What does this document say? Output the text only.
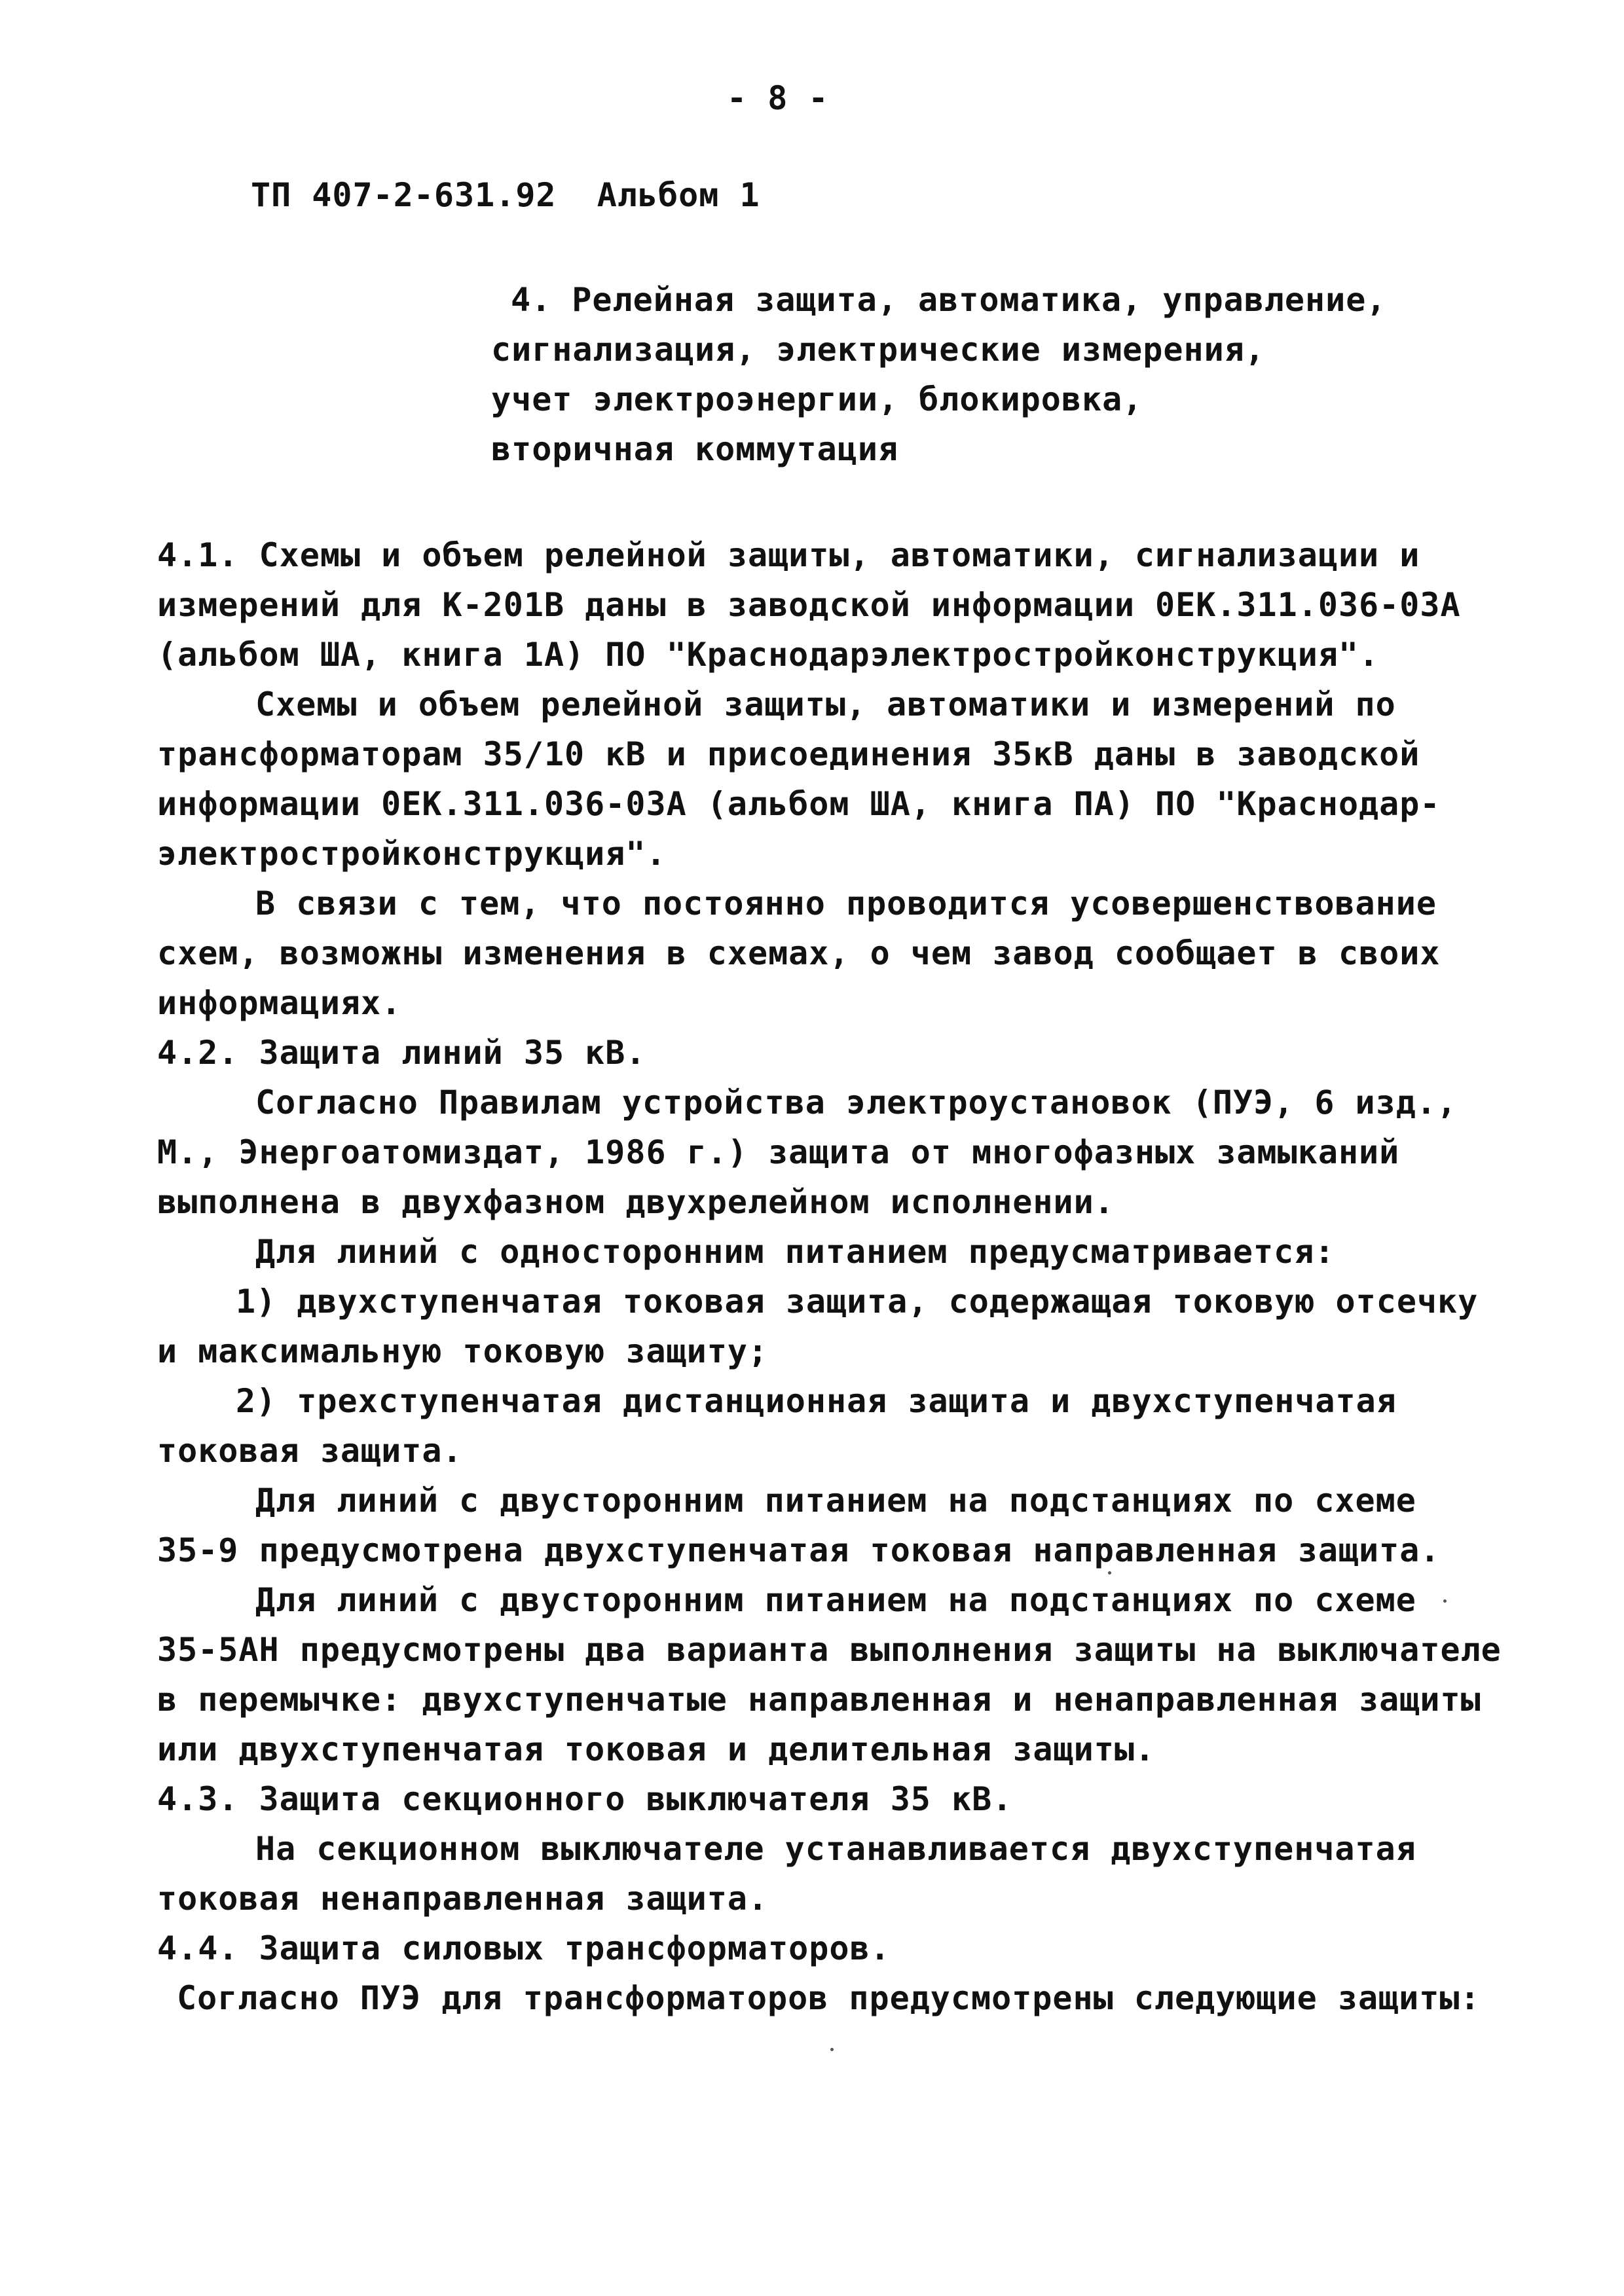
- 8 -

ТП 407-2-631.92  Альбом 1

4. Релейная защита, автоматика, управление,

сигнализация, электрические измерения,

учет электроэнергии, блокировка,

вторичная коммутация

4.1. Схемы и объем релейной защиты, автоматики, сигнализации и

измерений для К-201В даны в заводской информации 0ЕК.311.036-03А

(альбом ША, книга 1А) ПО "Краснодарэлектростройконструкция".

Схемы и объем релейной защиты, автоматики и измерений по

трансформаторам 35/10 кВ и присоединения 35кВ даны в заводской

информации 0ЕК.311.036-03А (альбом ША, книга ПА) ПО "Краснодар-

электростройконструкция".

В связи с тем, что постоянно проводится усовершенствование

схем, возможны изменения в схемах, о чем завод сообщает в своих

информациях.

4.2. Защита линий 35 кВ.

Согласно Правилам устройства электроустановок (ПУЭ, 6 изд.,

М., Энергоатомиздат, 1986 г.) защита от многофазных замыканий

выполнена в двухфазном двухрелейном исполнении.

Для линий с односторонним питанием предусматривается:

1) двухступенчатая токовая защита, содержащая токовую отсечку

и максимальную токовую защиту;

2) трехступенчатая дистанционная защита и двухступенчатая

токовая защита.

Для линий с двусторонним питанием на подстанциях по схеме

35-9 предусмотрена двухступенчатая токовая направленная защита.

Для линий с двусторонним питанием на подстанциях по схеме

35-5АН предусмотрены два варианта выполнения защиты на выключателе

в перемычке: двухступенчатые направленная и ненаправленная защиты

или двухступенчатая токовая и делительная защиты.

4.3. Защита секционного выключателя 35 кВ.

На секционном выключателе устанавливается двухступенчатая

токовая ненаправленная защита.

4.4. Защита силовых трансформаторов.

Согласно ПУЭ для трансформаторов предусмотрены следующие защиты:
